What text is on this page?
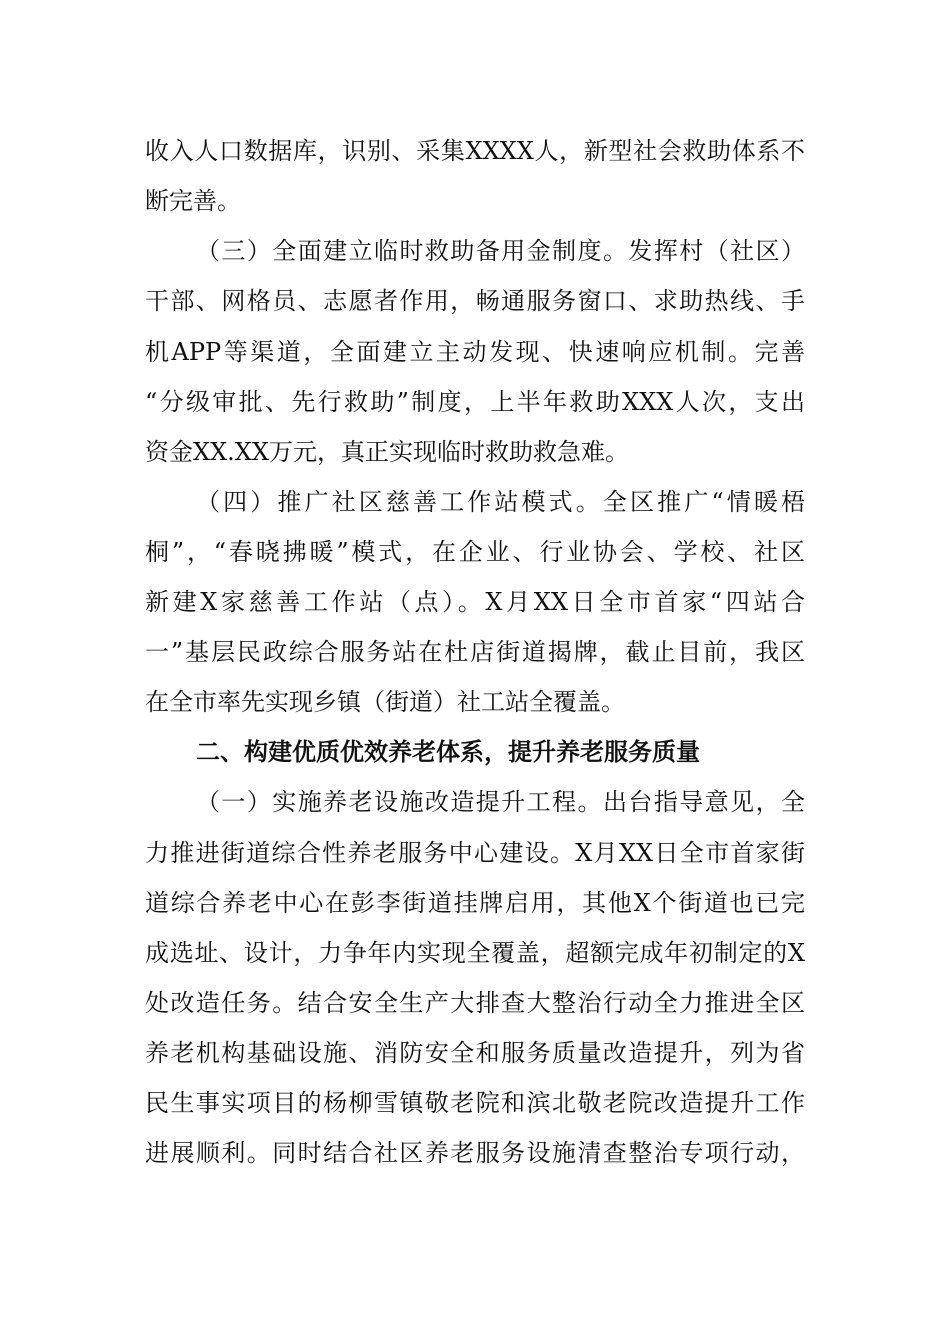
收入人口数据库，识别、采集XXXX人，新型社会救助体系不
断完善。
（三）全面建立临时救助备用金制度。发挥村（社区）
干部、网格员、志愿者作用，畅通服务窗口、求助热线、手
机APP等渠道，全面建立主动发现、快速响应机制。完善
“分级审批、先行救助”制度，上半年救助XXX人次，支出
资金XX.XX万元，真正实现临时救助救急难。
（四）推广社区慈善工作站模式。全区推广“情暖梧
桐”，“春晓拂暖”模式，在企业、行业协会、学校、社区
新建X家慈善工作站（点）。X月XX日全市首家“四站合
一”基层民政综合服务站在杜店街道揭牌，截止目前，我区
在全市率先实现乡镇（街道）社工站全覆盖。
二、构建优质优效养老体系，提升养老服务质量
（一）实施养老设施改造提升工程。出台指导意见，全
力推进街道综合性养老服务中心建设。X月XX日全市首家街
道综合养老中心在彭李街道挂牌启用，其他X个街道也已完
成选址、设计，力争年内实现全覆盖，超额完成年初制定的X
处改造任务。结合安全生产大排查大整治行动全力推进全区
养老机构基础设施、消防安全和服务质量改造提升，列为省
民生事实项目的杨柳雪镇敬老院和滨北敬老院改造提升工作
进展顺利。同时结合社区养老服务设施清查整治专项行动，
